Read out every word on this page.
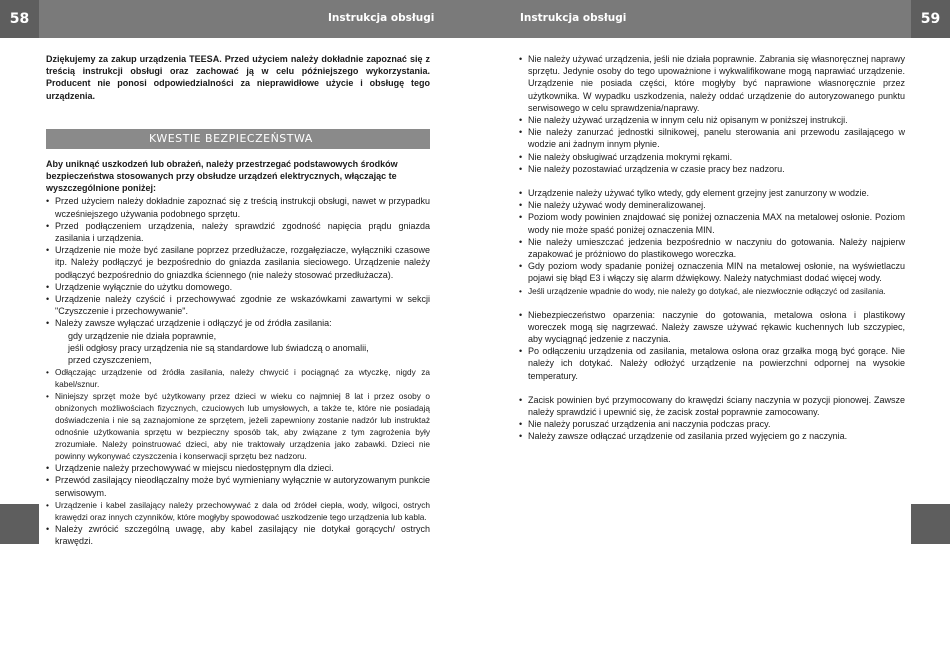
58	59
Instrukcja obsługi	Instrukcja obsługi

Dziękujemy za zakup urządzenia TEESA. Przed użyciem należy dokładnie zapoznać się z treścią instrukcji obsługi oraz zachować ją w celu późniejszego wykorzystania. Producent nie ponosi odpowiedzialności za nieprawidłowe użycie i obsługę tego urządzenia.

KWESTIE BEZPIECZEŃSTWA

Aby uniknąć uszkodzeń lub obrażeń, należy przestrzegać podstawowych środków bezpieczeństwa stosowanych przy obsłudze urządzeń elektrycznych, włączając te wyszczególnione poniżej:

• Przed użyciem należy dokładnie zapoznać się z treścią instrukcji obsługi, nawet w przypadku wcześniejszego używania podobnego sprzętu.
• Przed podłączeniem urządzenia, należy sprawdzić zgodność napięcia prądu gniazda zasilania i urządzenia.
• Urządzenie nie może być zasilane poprzez przedłużacze, rozgałęziacze, wyłączniki czasowe itp. Należy podłączyć je bezpośrednio do gniazda zasilania sieciowego. Urządzenie należy podłączyć bezpośrednio do gniazdka ściennego (nie należy stosować przedłużacza).
• Urządzenie wyłącznie do użytku domowego.
• Urządzenie należy czyścić i przechowywać zgodnie ze wskazówkami zawartymi w sekcji "Czyszczenie i przechowywanie".
• Należy zawsze wyłączać urządzenie i odłączyć je od źródła zasilania:
gdy urządzenie nie działa poprawnie,
jeśli odgłosy pracy urządzenia nie są standardowe lub świadczą o anomalii,
przed czyszczeniem,
• Odłączając urządzenie od źródła zasilania, należy chwycić i pociągnąć za wtyczkę, nigdy za kabel/sznur.
• Niniejszy sprzęt może być użytkowany przez dzieci w wieku co najmniej 8 lat i przez osoby o obniżonych możliwościach fizycznych, czuciowych lub umysłowych, a także te, które nie posiadają doświadczenia i nie są zaznajomione ze sprzętem, jeżeli zapewniony zostanie nadzór lub instruktaż odnośnie użytkowania sprzętu w bezpieczny sposób tak, aby związane z tym zagrożenia były zrozumiałe. Należy poinstruować dzieci, aby nie traktowały urządzenia jako zabawki. Dzieci nie powinny wykonywać czyszczenia i konserwacji sprzętu bez nadzoru.
• Urządzenie należy przechowywać w miejscu niedostępnym dla dzieci.
• Przewód zasilający nieodłączalny może być wymieniany wyłącznie w autoryzowanym punkcie serwisowym.
• Urządzenie i kabel zasilający należy przechowywać z dala od źródeł ciepła, wody, wilgoci, ostrych krawędzi oraz innych czynników, które mogłyby spowodować uszkodzenie tego urządzenia lub kabla.
• Należy zwrócić szczególną uwagę, aby kabel zasilający nie dotykał gorących/ ostrych krawędzi.
• Nie należy używać urządzenia, jeśli nie działa poprawnie. Zabrania się własnoręcznej naprawy sprzętu. Jedynie osoby do tego upoważnione i wykwalifikowane mogą naprawiać urządzenie. Urządzenie nie posiada części, które mogłyby być naprawione własnoręcznie przez użytkownika. W wypadku uszkodzenia, należy oddać urządzenie do autoryzowanego punktu serwisowego w celu sprawdzenia/naprawy.
• Nie należy używać urządzenia w innym celu niż opisanym w poniższej instrukcji.
• Nie należy zanurzać jednostki silnikowej, panelu sterowania ani przewodu zasilającego w wodzie ani żadnym innym płynie.
• Nie należy obsługiwać urządzenia mokrymi rękami.
• Nie należy pozostawiać urządzenia w czasie pracy bez nadzoru.
• Urządzenie należy używać tylko wtedy, gdy element grzejny jest zanurzony w wodzie.
• Nie należy używać wody demineralizowanej.
• Poziom wody powinien znajdować się poniżej oznaczenia MAX na metalowej osłonie. Poziom wody nie może spaść poniżej oznaczenia MIN.
• Nie należy umieszczać jedzenia bezpośrednio w naczyniu do gotowania. Należy najpierw zapakować je próżniowo do plastikowego woreczka.
• Gdy poziom wody spadanie poniżej oznaczenia MIN na metalowej osłonie, na wyświetlaczu pojawi się błąd E3 i włączy się alarm dźwiękowy. Należy natychmiast dodać więcej wody.
• Jeśli urządzenie wpadnie do wody, nie należy go dotykać, ale niezwłocznie odłączyć od zasilania.
• Niebezpieczeństwo oparzenia: naczynie do gotowania, metalowa osłona i plastikowy woreczek mogą się nagrzewać. Należy zawsze używać rękawic kuchennych lub szczypiec, aby wyciągnąć jedzenie z naczynia.
• Po odłączeniu urządzenia od zasilania, metalowa osłona oraz grzałka mogą być gorące. Nie należy ich dotykać. Należy odłożyć urządzenie na powierzchni odpornej na wysokie temperatury.
• Zacisk powinien być przymocowany do krawędzi ściany naczynia w pozycji pionowej. Zawsze należy sprawdzić i upewnić się, że zacisk został poprawnie zamocowany.
• Nie należy poruszać urządzenia ani naczynia podczas pracy.
• Należy zawsze odłączać urządzenie od zasilania przed wyjęciem go z naczynia.
